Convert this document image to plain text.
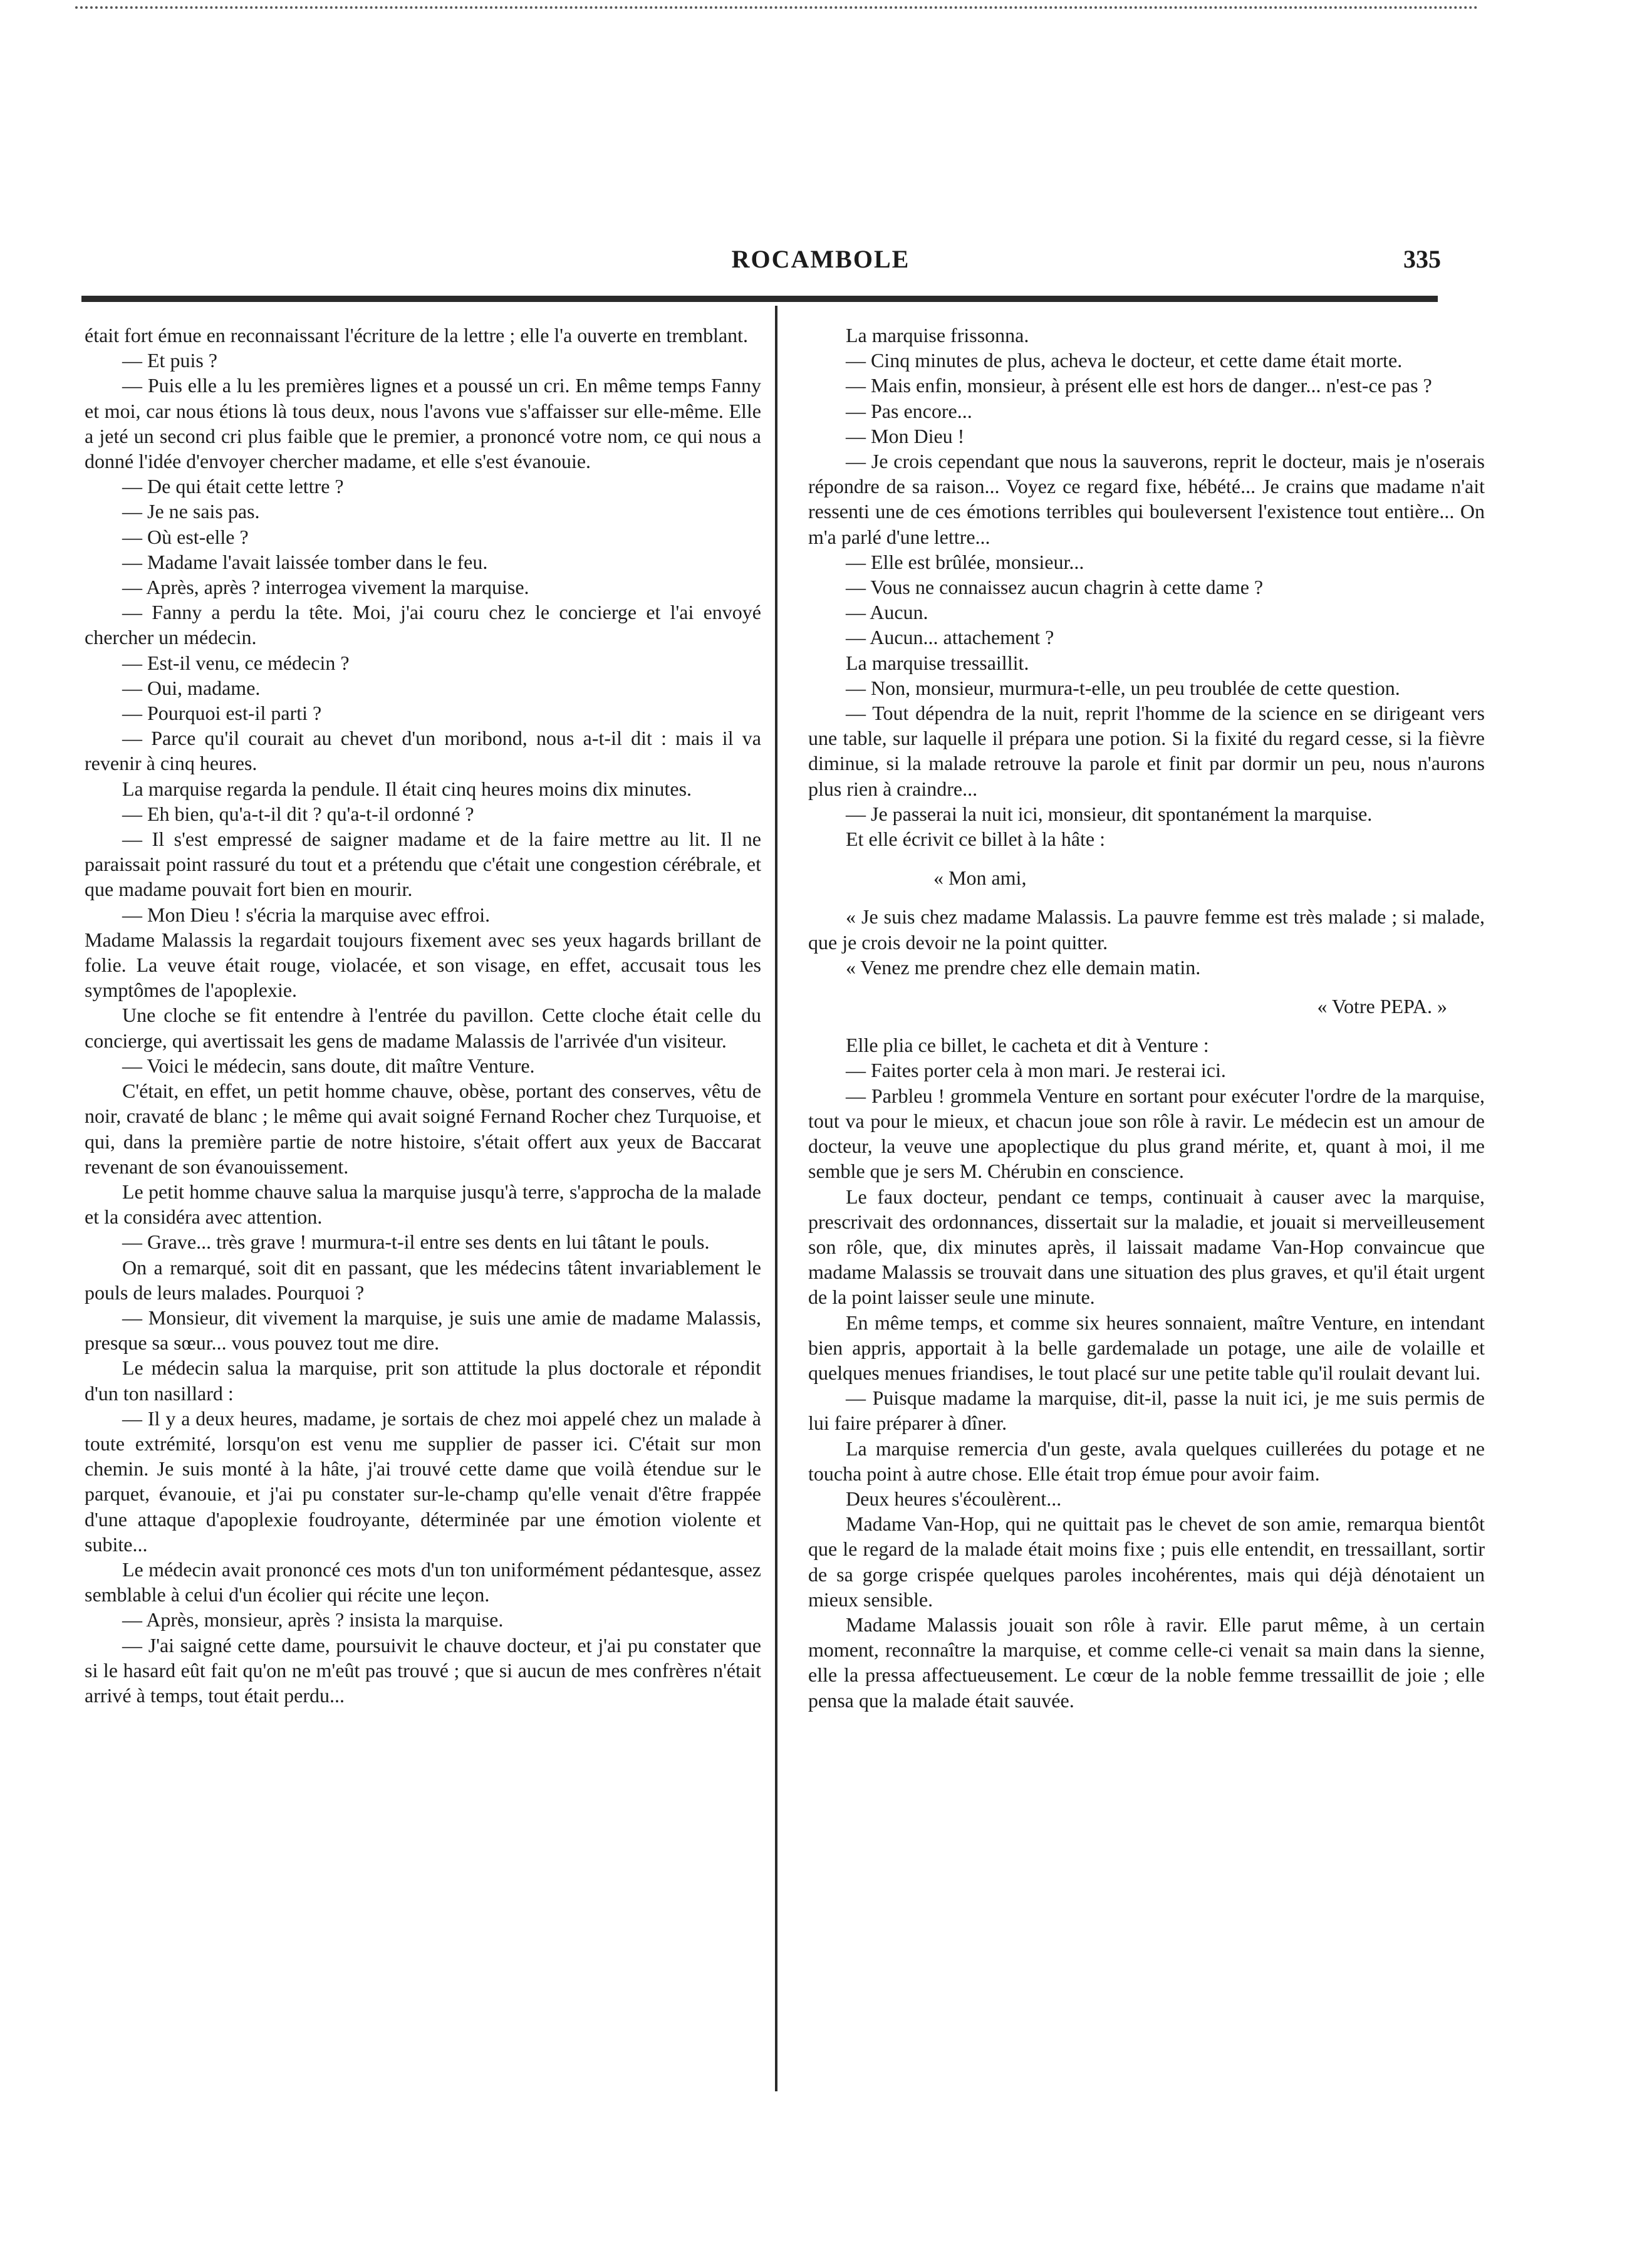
ROCAMBOLE	335

était fort émue en reconnaissant l'écriture de la lettre ; elle l'a ouverte en tremblant.

— Et puis ?

— Puis elle a lu les premières lignes et a poussé un cri. En même temps Fanny et moi, car nous étions là tous deux, nous l'avons vue s'affaisser sur elle-même. Elle a jeté un second cri plus faible que le premier, a prononcé votre nom, ce qui nous a donné l'idée d'envoyer chercher madame, et elle s'est évanouie.

— De qui était cette lettre ?

— Je ne sais pas.

— Où est-elle ?

— Madame l'avait laissée tomber dans le feu.

— Après, après ? interrogea vivement la marquise.

— Fanny a perdu la tête. Moi, j'ai couru chez le concierge et l'ai envoyé chercher un médecin.

— Est-il venu, ce médecin ?

— Oui, madame.

— Pourquoi est-il parti ?

— Parce qu'il courait au chevet d'un moribond, nous a-t-il dit : mais il va revenir à cinq heures.

La marquise regarda la pendule. Il était cinq heures moins dix minutes.

— Eh bien, qu'a-t-il dit ? qu'a-t-il ordonné ?

— Il s'est empressé de saigner madame et de la faire mettre au lit. Il ne paraissait point rassuré du tout et a prétendu que c'était une congestion cérébrale, et que madame pouvait fort bien en mourir.

— Mon Dieu ! s'écria la marquise avec effroi.

Madame Malassis la regardait toujours fixement avec ses yeux hagards brillant de folie. La veuve était rouge, violacée, et son visage, en effet, accusait tous les symptômes de l'apoplexie.

Une cloche se fit entendre à l'entrée du pavillon. Cette cloche était celle du concierge, qui avertissait les gens de madame Malassis de l'arrivée d'un visiteur.

— Voici le médecin, sans doute, dit maître Venture.

C'était, en effet, un petit homme chauve, obèse, portant des conserves, vêtu de noir, cravaté de blanc ; le même qui avait soigné Fernand Rocher chez Turquoise, et qui, dans la première partie de notre histoire, s'était offert aux yeux de Baccarat revenant de son évanouissement.

Le petit homme chauve salua la marquise jusqu'à terre, s'approcha de la malade et la considéra avec attention.

— Grave... très grave ! murmura-t-il entre ses dents en lui tâtant le pouls.

On a remarqué, soit dit en passant, que les médecins tâtent invariablement le pouls de leurs malades. Pourquoi ?

— Monsieur, dit vivement la marquise, je suis une amie de madame Malassis, presque sa sœur... vous pouvez tout me dire.

Le médecin salua la marquise, prit son attitude la plus doctorale et répondit d'un ton nasillard :

— Il y a deux heures, madame, je sortais de chez moi appelé chez un malade à toute extrémité, lorsqu'on est venu me supplier de passer ici. C'était sur mon chemin. Je suis monté à la hâte, j'ai trouvé cette dame que voilà étendue sur le parquet, évanouie, et j'ai pu constater sur-le-champ qu'elle venait d'être frappée d'une attaque d'apoplexie foudroyante, déterminée par une émotion violente et subite...

Le médecin avait prononcé ces mots d'un ton uniformément pédantesque, assez semblable à celui d'un écolier qui récite une leçon.

— Après, monsieur, après ? insista la marquise.

— J'ai saigné cette dame, poursuivit le chauve docteur, et j'ai pu constater que si le hasard eût fait qu'on ne m'eût pas trouvé ; que si aucun de mes confrères n'était arrivé à temps, tout était perdu...

La marquise frissonna.

— Cinq minutes de plus, acheva le docteur, et cette dame était morte.

— Mais enfin, monsieur, à présent elle est hors de danger... n'est-ce pas ?

— Pas encore...

— Mon Dieu !

— Je crois cependant que nous la sauverons, reprit le docteur, mais je n'oserais répondre de sa raison... Voyez ce regard fixe, hébété... Je crains que madame n'ait ressenti une de ces émotions terribles qui bouleversent l'existence tout entière... On m'a parlé d'une lettre...

— Elle est brûlée, monsieur...

— Vous ne connaissez aucun chagrin à cette dame ?

— Aucun.

— Aucun... attachement ?

La marquise tressaillit.

— Non, monsieur, murmura-t-elle, un peu troublée de cette question.

— Tout dépendra de la nuit, reprit l'homme de la science en se dirigeant vers une table, sur laquelle il prépara une potion. Si la fixité du regard cesse, si la fièvre diminue, si la malade retrouve la parole et finit par dormir un peu, nous n'aurons plus rien à craindre...

— Je passerai la nuit ici, monsieur, dit spontanément la marquise.

Et elle écrivit ce billet à la hâte :

« Mon ami,

« Je suis chez madame Malassis. La pauvre femme est très malade ; si malade, que je crois devoir ne la point quitter.

« Venez me prendre chez elle demain matin.

« Votre PEPA. »

Elle plia ce billet, le cacheta et dit à Venture :

— Faites porter cela à mon mari. Je resterai ici.

— Parbleu ! grommela Venture en sortant pour exécuter l'ordre de la marquise, tout va pour le mieux, et chacun joue son rôle à ravir. Le médecin est un amour de docteur, la veuve une apoplectique du plus grand mérite, et, quant à moi, il me semble que je sers M. Chérubin en conscience.

Le faux docteur, pendant ce temps, continuait à causer avec la marquise, prescrivait des ordonnances, dissertait sur la maladie, et jouait si merveilleusement son rôle, que, dix minutes après, il laissait madame Van-Hop convaincue que madame Malassis se trouvait dans une situation des plus graves, et qu'il était urgent de la point laisser seule une minute.

En même temps, et comme six heures sonnaient, maître Venture, en intendant bien appris, apportait à la belle gardemalade un potage, une aile de volaille et quelques menues friandises, le tout placé sur une petite table qu'il roulait devant lui.

— Puisque madame la marquise, dit-il, passe la nuit ici, je me suis permis de lui faire préparer à dîner.

La marquise remercia d'un geste, avala quelques cuillerées du potage et ne toucha point à autre chose. Elle était trop émue pour avoir faim.

Deux heures s'écoulèrent...

Madame Van-Hop, qui ne quittait pas le chevet de son amie, remarqua bientôt que le regard de la malade était moins fixe ; puis elle entendit, en tressaillant, sortir de sa gorge crispée quelques paroles incohérentes, mais qui déjà dénotaient un mieux sensible.

Madame Malassis jouait son rôle à ravir. Elle parut même, à un certain moment, reconnaître la marquise, et comme celle-ci venait sa main dans la sienne, elle la pressa affectueusement. Le cœur de la noble femme tressaillit de joie ; elle pensa que la malade était sauvée.
